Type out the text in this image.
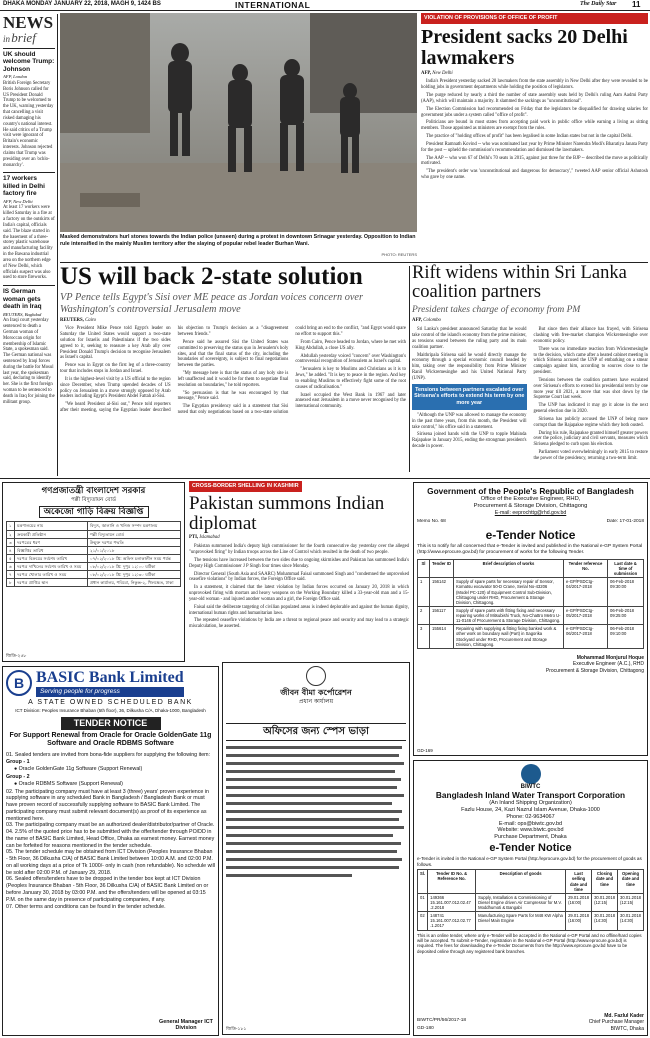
DHAKA MONDAY JANUARY 22, 2018, MAGH 9, 1424 BS	INTERNATIONAL	The Daily Star 11
NEWS
in brief
UK should welcome Trump: Johnson
AFP, London
British Foreign Secretary Boris Johnson called for US President Donald Trump to be welcomed to the UK, warning yesterday that cancelling a visit risked damaging his country's national interest. He said critics of a Trump visit were ignorant of Britain's economic interests. Johnson rejected claims that Trump was presiding over an 'ochlo-monarchy'.
17 workers killed in Delhi factory fire
AFP, New Delhi
At least 17 workers were killed Saturday in a fire at a factory on the outskirts of India's capital, officials said. The blaze started in the basement of a three-storey plastic warehouse and manufacturing facility in the Bawana industrial area on the northern edge of New Delhi, which officials suspect was also used to store fireworks.
IS German woman gets death in Iraq
REUTERS, Baghdad
An Iraqi court yesterday sentenced to death a German woman of Moroccan origin for membership of Islamic State, a spokesman said. The German national was sentenced by Iraqi forces during the battle for Mosul last year, the spokesman said, declaring to identify her. She is the first foreign woman to be sentenced to death in Iraq for joining the militant group.
Masked demonstrators hurl stones towards the Indian police (unseen) during a protest in downtown Srinagar yesterday. Opposition to Indian rule intensified in the mainly Muslim territory after the slaying of popular rebel leader Burhan Wani.
PHOTO: REUTERS
VIOLATION OF PROVISIONS OF OFFICE OF PROFIT
President sacks 20 Delhi lawmakers
AFP, New Delhi

India's President yesterday sacked 20 lawmakers from the state assembly in New Delhi after they were revealed to be holding jobs in government departments while holding the position of legislators.

The purge reduced by nearly a third the number of state assembly seats held by Delhi's ruling Aam Aadmi Party (AAP), which will maintain a majority. It slammed the sackings as "unconstitutional".

The Election Commission had recommended on Friday that the legislators be disqualified for drawing salaries for government jobs under a system called "office of profit".

Politicians are bound in most states from accepting paid work in public office while earning a living as sitting members. Those appointed as ministers are exempt from the rules.

The practice of "holding offices of profit" has been legalised in some Indian states but not in the capital Delhi.

President Ramnath Kovind -- who was nominated last year by Prime Minister Narendra Modi's Bharatiya Janata Party for the post -- upheld the commission's recommendation and dismissed the lawmakers.

The AAP -- who won 67 of Delhi's 70 seats in 2015, against just three for the BJP -- described the move as politically motivated.

"The president's order was 'unconstitutional and dangerous for democracy'," tweeted AAP senior official Ashutosh who gave by one name.

US will back 2-state solution
VP Pence tells Egypt's Sisi over ME peace as Jordan voices concern over Washington's controversial Jerusalem move
REUTERS, Cairo

Vice President Mike Pence told Egypt's leader on Saturday the United States would support a two-state solution for Israelis and Palestinians if the two sides agreed to it, seeking to reassure a key Arab ally over President Donald Trump's decision to recognise Jerusalem as Israel's capital.

Pence was in Egypt on the first leg of a three-country tour that includes stops in Jordan and Israel.

It is the highest-level visit by a US official to the region since December, when Trump upended decades of US policy on Jerusalem in a move strongly opposed by Arab leaders including Egypt's President Abdel Fattah al-Sisi.

"We heard President al-Sisi out," Pence told reporters after their meeting, saying the Egyptian leader described his objection to Trump's decision as a "disagreement between friends."

Pence said he assured Sisi the United States was committed to preserving the status quo in Jerusalem's holy sites, and that the final status of the city, including the boundaries of sovereignty, is subject to final negotiations between the parties.

"My message here is that the status of any holy site is left unaffected and it would be for them to negotiate final resolution on boundaries," he told reporters.

"So persuasion is that he was encouraged by that message," Pence said.

The Egyptian presidency said in a statement that Sisi noted that only negotiations based on a two-state solution could bring an end to the conflict, "and Egypt would spare no effort to support this."

From Cairo, Pence headed to Jordan, where he met with King Abdullah, a close US ally.

Abdullah yesterday voiced "concern" over Washington's controversial recognition of Jerusalem as Israel's capital.

"Jerusalem is key to Muslims and Christians as it is to Jews," he added. "It is key to peace in the region. And key to enabling Muslims to effectively fight some of the root causes of radicalisation."

Israel occupied the West Bank in 1967 and later annexed east Jerusalem in a move never recognised by the international community.

Rift widens within Sri Lanka coalition partners
President takes charge of economy from PM
AFP, Colombo

Sri Lanka's president announced Saturday that he would take control of the island's economy from the prime minister, as tensions soared between the ruling party and its main coalition partner.

Maithripala Sirisena said he would directly manage the economy through a special economic council headed by him, taking over the responsibility from Prime Minister Ranil Wickremesinghe and his United National Party (UNP).

Tensions between partners escalated over Sirisena's efforts to extend his term by one more year

"Although the UNP was allowed to manage the economy in the past three years, from this month, the President will take control," his office said in a statement.

Sirisena joined hands with the UNP to topple Mahinda Rajapakse in January 2015, ending the strongman president's decade in power.

But since then their alliance has frayed, with Sirisena clashing with free-market champion Wickremesinghe over economic policy.

There was no immediate reaction from Wickremesinghe to the decision, which came after a heated cabinet meeting in which Sirisena accused the UNP of embarking on a smear campaign against him, according to sources close to the president.

Tensions between the coalition partners have escalated over Sirisena's efforts to extend his presidential term by one more year till 2021, a move that was shot down by the Supreme Court last week.

The UNP has indicated it may go it alone in the next general election due in 2020.

Sirisena has publicly accused the UNP of being more corrupt than the Rajapakse regime which they both ousted.

During his rule, Rajapakse granted himself greater powers over the police, judiciary and civil servants, measures which Sirisena pledged to curb upon his election.

Parliament voted overwhelmingly in early 2015 to restore the power of the presidency, returning a two-term limit.

গণপ্রজাতন্ত্রী বাংলাদেশ সরকার
পল্লী বিদ্যুতায়ন বোর্ড
অকেজো গাড়ি বিক্রয় বিজ্ঞপ্তি
১	মন্ত্রণালয়ের নাম	বিদ্যুৎ, জ্বালানি ও খনিজ সম্পদ মন্ত্রণালয়
২	ক্রয়কারী প্রতিষ্ঠান	পল্লী বিদ্যুতায়ন বোর্ড
৩	দরপত্রের ধরণ	উন্মুক্ত দরপত্র পদ্ধতি
৪	বিজ্ঞপ্তির তারিখ	২১/০১/২০১৮
৫	দরপত্র বিক্রয়ের সর্বশেষ তারিখ	০৭/০২/২০১৮ খ্রি: অফিস চলাকালীন সময় পর্যন্ত
৬	দরপত্র দাখিলের সর্বশেষ তারিখ ও সময়	০৮/০২/২০১৮ খ্রি: দুপুর ১২:০০ ঘটিকা
৭	দরপত্র খোলার তারিখ ও সময়	০৮/০২/২০১৮ খ্রি: দুপুর ১২:৩০ ঘটিকা
৮	দরপত্র প্রাপ্তির স্থান	প্রধান কার্যালয়, পবিবো, নিকুঞ্জ-২, খিলক্ষেত, ঢাকা
জিডি-২৫৮
CROSS-BORDER SHELLING IN KASHMIR
Pakistan summons Indian diplomat
PTI, Islamabad

Pakistan summoned India's deputy high commissioner for the fourth consecutive day yesterday over the alleged "unprovoked firing" by Indian troops across the Line of Control which resulted in the death of two people.

The tensions have increased between the two sides due to ongoing skirmishes and Pakistan has summoned India's Deputy High Commissioner J P Singh four times since Monday.

Director General (South Asia and SAARC) Mohammad Faisal summoned Singh and "condemned the unprovoked ceasefire violations" by Indian forces, the Foreign Office said.

In a statement, it claimed that the latest violation by Indian forces occurred on January 20, 2018 in which unprovoked firing with mortars and heavy weapons on the Working Boundary killed a 33-year-old man and a 15-year-old woman - and injured another woman and a girl, the Foreign Office said.

Faisal said the deliberate targeting of civilian populated areas is indeed deplorable and against the human dignity, international human rights and humanitarian laws.

The repeated ceasefire violations by India are a threat to regional peace and security and may lead to a strategic miscalculation, he asserted.

Government of the People's Republic of Bangladesh
Office of the Executive Engineer, RHD,
Procurement & Storage Division, Chittagong
E-mail: eeprochttg@rhd.gov.bd
Memo No. 68	Date: 17-01-2018
e-Tender Notice
This is to notify for all concerned that e-Tender is invited and published in the National e-GP System Portal (http://www.eprocure.gov.bd) for procurement of works for the following Tender.
Sl	Tender ID	Brief description of works	Tender reference No.	Last date & time of submission
1	156142	Supply of spare parts for necessary repair of Sensor, Komatsu excavator 50-D Crane, Serial No-43206 (Model PC-120) of Equipment Control Sub-Division, Chittagong under RHD, Procurement & Storage Division, Chittagong.	e-GP/PSDCtg-04/2017-2018	06-Feb-2018 09:30:00
2	156117	Supply of spare parts with fitting fixing and necessary repairing works of Mitsubishi Truck, No-Chattro Metro U-11-0146 of Procurement & Storage Division, Chittagong.	e-GP/PSDCtg-05/2017-2018	06-Feb-2018 09:25:00
3	155614	Repairing with supplying & fitting fixing banked work & other work on boundary wall (Part) in Sagorika Stockyard under RHD, Procurement and Storage Division, Chittagong.	e-GP/PSDCtg-06/2017-2018	06-Feb-2018 09:10:00
Mohammad Monjurul Hoque
Executive Engineer (A.C.), RHD
Procurement & Storage Division, Chittagong
GD-169
B BASIC Bank Limited
Serving people for progress
A STATE OWNED SCHEDULED BANK
ICT Division: Peoples Insurance Bhaban (5th floor), 36, Dilkusha C/A, Dhaka-1000, Bangladesh
TENDER NOTICE
For Support Renewal from Oracle for Oracle GoldenGate 11g Software and Oracle RDBMS Software
01. Sealed tenders are invited from bona-fide suppliers for supplying the following item:
Group - 1
● Oracle GoldenGate 11g Software (Support Renewal)
Group - 2
● Oracle RDBMS Software (Support Renewal)
02. The participating company must have at least 3 (three) years' proven experience in supplying software in any scheduled Bank in Bangladesh / Bangladesh Bank or must have proven record of successfully supplying software to BASIC Bank Limited. The participating company must submit relevant document(s) as proof of its experience as mentioned here.
03. The participating company must be an authorized dealer/distributor/partner of Oracle.
04. 2.5% of the quoted price has to be submitted with the offer/tender through PO/DD in the name of BASIC Bank Limited, Head Office, Dhaka as earnest money. Earnest money can be forfeited for reasons mentioned in the tender schedule.
05. The tender schedule may be obtained from ICT Division (Peoples Insurance Bhaban - 5th Floor, 36 Dilkusha C/A) of BASIC Bank Limited between 10:00 A.M. and 02:00 P.M. on all working days at a price of Tk 1000/- only in cash (non refundable). No schedule will be sold after 02:00 P.M. of January 29, 2018.
06. Sealed offers/tenders have to be dropped in the tender box kept at ICT Division (Peoples Insurance Bhaban - 5th Floor, 36 Dilkusha C/A) of BASIC Bank Limited on or before January 30, 2018 by 03:00 P.M. and the offers/tenders will be opened at 03:15 P.M. on the same day in presence of participating companies, if any.
07. Other terms and conditions can be found in the tender schedule.
General Manager ICT Division
জীবন বীমা কর্পোরেশন
প্রধান কার্যালয়
অফিসের জন্য স্পেস ভাড়া
জিডি-১৮১
BIWTC
Bangladesh Inland Water Transport Corporation
(An Inland Shipping Organization)
Fazlu House, 24, Kazi Nazrul Islam Avenue, Dhaka-1000
Phone: 02-9634067
E-mail: ops@biwtc.gov.bd
Website: www.biwtc.gov.bd
Purchase Department, Dhaka
e-Tender Notice
e-Tender is invited in the National e-GP System Portal (http://eprocure.gov.bd) for the procurement of goods as follows.
Sl.	Tender ID No. & Reference No.	Description of goods	Last selling date and time	Closing date and time	Opening date and time
01	149366 15.161.007.012.02.47 .2.2018	Supply, Installation & Commissioning of Diesel Engine driven Air Compressor for M.V. Moddhumoti & Bangabi	29.01.2018 (16:00)	30.01.2018 (12:15)	30.01.2018 (12:15)
02	148741 15.161.007.012.02.77 .1.2017	Manufacturing Spare Parts for M48 KW Alpha Diesel Main Engine	29.01.2018 (16:00)	30.01.2018 (14:30)	30.01.2018 (14:30)
This is an online tender, where only e-Tender will be accepted in the National e-GP Portal and no offline/hard copies will be accepted. To submit e-Tender, registration in the National e-GP Portal (http://www.eprocure.gov.bd) is required. The fees for downloading the e-Tender Documents from the http://www.eprocure.gov.bd have to be deposited online through any registered bank branches.
BIWTC/PR/56/2017-18
GD-180
Md. Fazlul Kader
Chief Purchase Manager
BIWTC, Dhaka
